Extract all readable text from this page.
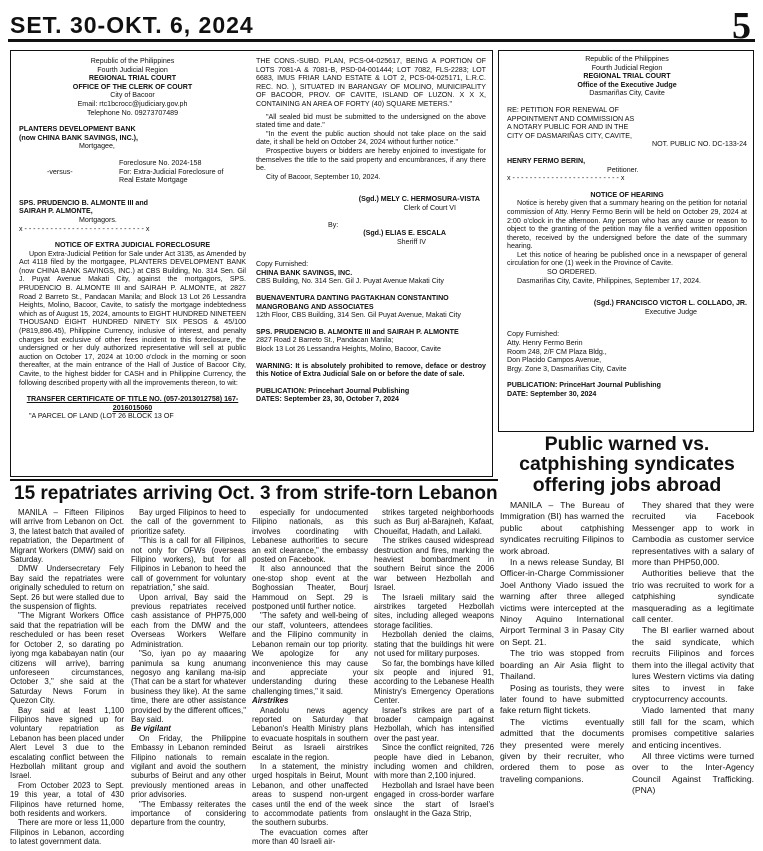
SET. 30-OKT. 6, 2024	5

Republic of the Philippines

Fourth Judicial Region

REGIONAL TRIAL COURT

OFFICE OF THE CLERK OF COURT

City of Bacoor

Email: rtc1bcrocc@judiciary.gov.ph

Telephone No. 09273707489

PLANTERS DEVELOPMENT BANK

(now CHINA BANK SAVINGS, INC.),

Mortgagee,

Foreclosure No. 2024-158

-versus-	For: Extra-Judicial Foreclosure of

Real Estate Mortgage

SPS. PRUDENCIO B. ALMONTE III and

SAIRAH P. ALMONTE,

Mortgagors.

x - - - - - - - - - - - - - - - - - - - - - - - - - - - - x

NOTICE OF EXTRA JUDICIAL FORECLOSURE

Upon Extra-Judicial Petition for Sale under Act 3135, as Amended by Act 4118 filed by the mortgagee, PLANTERS DEVELOPMENT BANK (now CHINA BANK SAVINGS, INC.) at CBS Building, No. 314 Sen. Gil J. Puyat Avenue Makati City, against the mortgagors, SPS. PRUDENCIO B. ALMONTE III and SAIRAH P. ALMONTE, at 2827 Road 2 Barreto St., Pandacan Manila; and Block 13 Lot 26 Lessandra Heights, Molino, Bacoor, Cavite, to satisfy the mortgage indebtedness which as of August 15, 2024, amounts to EIGHT HUNDRED NINETEEN THOUSAND EIGHT HUNDRED NINETY SIX PESOS & 45/100 (P819,896.45), Philippine Currency, inclusive of interest, and penalty charges but exclusive of other fees incident to this foreclosure, the undersigned or her duly authorized representative will sell at public auction on October 17, 2024 at 10:00 o'clock in the morning or soon thereafter, at the main entrance of the Hall of Justice of Bacoor City, Cavite, to the highest bidder for CASH and in Philippine Currency, the following described property with all the improvements thereon, to wit:

TRANSFER CERTIFICATE OF TITLE NO. (057-2013012758) 167-2016015060

"A PARCEL OF LAND (LOT 26 BLOCK 13 OF

THE CONS.-SUBD. PLAN, PCS-04-025617, BEING A PORTION OF LOTS 7081-A & 7081-B, PSD-04-001444; LOT 7082, FLS-2283; LOT 6683, IMUS FRIAR LAND ESTATE & LOT 2, PCS-04-025171, L.R.C. REC. NO. ), SITUATED IN BARANGAY OF MOLINO, MUNICIPALITY OF BACOOR, PROV. OF CAVITE, ISLAND OF LUZON. X X X, CONTAINING AN AREA OF FORTY (40) SQUARE METERS."

"All sealed bid must be submitted to the undersigned on the above stated time and date."

"In the event the public auction should not take place on the said date, it shall be held on October 24, 2024 without further notice."

Prospective buyers or bidders are hereby enjoined to investigate for themselves the title to the said property and encumbrances, if any there be.

City of Bacoor, September 10, 2024.

(Sgd.) MELY C. HERMOSURA-VISTA

Clerk of Court VI

By:

(Sgd.) ELIAS E. ESCALA

Sheriff IV

Copy Furnished:

CHINA BANK SAVINGS, INC.

CBS Building, No. 314 Sen. Gil J. Puyat Avenue Makati City

BUENAVENTURA DANTING PAGTAKHAN CONSTANTINO MANGROBANG AND ASSOCIATES

12th Floor, CBS Building, 314 Sen. Gil Puyat Avenue, Makati City

SPS. PRUDENCIO B. ALMONTE III and SAIRAH P. ALMONTE

2827 Road 2 Barreto St., Pandacan Manila;

Block 13 Lot 26 Lessandra Heights, Molino, Bacoor, Cavite

WARNING: It is absolutely prohibited to remove, deface or destroy this Notice of Extra Judicial Sale on or before the date of sale.

PUBLICATION: Princehart Journal Publishing

DATES: September 23, 30, October 7, 2024

Republic of the Philippines

Fourth Judicial Region

REGIONAL TRIAL COURT

Office of the Executive Judge

Dasmariñas City, Cavite

RE: PETITION FOR RENEWAL OF APPOINTMENT AND COMMISSION AS A NOTARY PUBLIC FOR AND IN THE CITY OF DASMARIÑAS CITY, CAVITE,

NOT. PUBLIC NO. DC-133-24

HENRY FERMO BERIN,

Petitioner.

x - - - - - - - - - - - - - - - - - - - - - - - - - x

NOTICE OF HEARING

Notice is hereby given that a summary hearing on the petition for notarial commission of Atty. Henry Fermo Berin will be held on October 29, 2024 at 2:00 o'clock in the afternoon. Any person who has any cause or reason to object to the granting of the petition may file a verified written opposition thereto, received by the undersigned before the date of the summary hearing.

Let this notice of hearing be published once in a newspaper of general circulation for one (1) week in the Province of Cavite.

SO ORDERED.

Dasmariñas City, Cavite, Philippines, September 17, 2024.

(Sgd.) FRANCISCO VICTOR L. COLLADO, JR.

Executive Judge

Copy Furnished:

Atty. Henry Fermo Berin

Room 248, 2/F CM Plaza Bldg.,

Don Placido Campos Avenue,

Brgy. Zone 3, Dasmariñas City, Cavite

PUBLICATION: PrinceHart Journal Publishing

DATE: September 30, 2024

Public warned vs. catphishing syndicates offering jobs abroad
15 repatriates arriving Oct. 3 from strife-torn Lebanon

MANILA – Fifteen Filipinos will arrive from Lebanon on Oct. 3, the latest batch that availed of repatriation, the Department of Migrant Workers (DMW) said on Saturday.

DMW Undersecretary Fely Bay said the repatriates were originally scheduled to return on Sept. 26 but were stalled due to the suspension of flights.

"The Migrant Workers Office said that the repatriation will be rescheduled or has been reset for October 2, so darating po iyong mga kababayan natin (our citizens will arrive), barring unforeseen circumstances, October 3," she said at the Saturday News Forum in Quezon City.

Bay said at least 1,100 Filipinos have signed up for voluntary repatriation as Lebanon has been placed under Alert Level 3 due to the escalating conflict between the Hezbollah militant group and Israel.

From October 2023 to Sept. 19 this year, a total of 430 Filipinos have returned home, both residents and workers.

There are more or less 11,000 Filipinos in Lebanon, according to latest government data.

Bay urged Filipinos to heed to the call of the government to prioritize safety.

"This is a call for all Filipinos, not only for OFWs (overseas Filipino workers), but for all Filipinos in Lebanon to heed the call of government for voluntary repatriation," she said.

Upon arrival, Bay said the previous repatriates received cash assistance of PHP75,000 each from the DMW and the Overseas Workers Welfare Administration.

"So, iyan po ay maaaring panimula sa kung anumang negosyo ang kanilang ma-isip (That can be a start for whatever business they like). At the same time, there are other assistance provided by the different offices," Bay said.

Be vigilant

On Friday, the Philippine Embassy in Lebanon reminded Filipino nationals to remain vigilant and avoid the southern suburbs of Beirut and any other previously mentioned areas in prior advisories.

"The Embassy reiterates the importance of considering departure from the country,

especially for undocumented Filipino nationals, as this involves coordinating with Lebanese authorities to secure an exit clearance," the embassy posted on Facebook.

It also announced that the one-stop shop event at the Boghossian Theater, Bourj Hammoud on Sept. 29 is postponed until further notice.

"The safety and well-being of our staff, volunteers, attendees and the Filipino community in Lebanon remain our top priority. We apologize for any inconvenience this may cause and appreciate your understanding during these challenging times," it said.

Airstrikes

Anadolu news agency reported on Saturday that Lebanon's Health Ministry plans to evacuate hospitals in southern Beirut as Israeli airstrikes escalate in the region.

In a statement, the ministry urged hospitals in Beirut, Mount Lebanon, and other unaffected areas to suspend non-urgent cases until the end of the week to accommodate patients from the southern suburbs.

The evacuation comes after more than 40 Israeli air-

strikes targeted neighborhoods such as Burj al-Barajneh, Kafaat, Choueifat, Hadath, and Lailaki.

The strikes caused widespread destruction and fires, marking the heaviest bombardment in southern Beirut since the 2006 war between Hezbollah and Israel.

The Israeli military said the airstrikes targeted Hezbollah sites, including alleged weapons storage facilities.

Hezbollah denied the claims, stating that the buildings hit were not used for military purposes.

So far, the bombings have killed six people and injured 91, according to the Lebanese Health Ministry's Emergency Operations Center.

Israel's strikes are part of a broader campaign against Hezbollah, which has intensified over the past year.

Since the conflict reignited, 726 people have died in Lebanon, including women and children, with more than 2,100 injured.

Hezbollah and Israel have been engaged in cross-border warfare since the start of Israel's onslaught in the Gaza Strip,

MANILA – The Bureau of Immigration (BI) has warned the public about catphishing syndicates recruiting Filipinos to work abroad.

In a news release Sunday, BI Officer-in-Charge Commissioner Joel Anthony Viado issued the warning after three alleged victims were intercepted at the Ninoy Aquino International Airport Terminal 3 in Pasay City on Sept. 21.

The trio was stopped from boarding an Air Asia flight to Thailand.

Posing as tourists, they were later found to have submitted fake return flight tickets.

The victims eventually admitted that the documents they presented were merely given by their recruiter, who ordered them to pose as traveling companions.

They shared that they were recruited via Facebook Messenger app to work in Cambodia as customer service representatives with a salary of more than PHP50,000.

Authorities believe that the trio was recruited to work for a catphishing syndicate masquerading as a legitimate call center.

The BI earlier warned about the said syndicate, which recruits Filipinos and forces them into the illegal activity that lures Western victims via dating sites to invest in fake cryptocurrency accounts.

Viado lamented that many still fall for the scam, which promises competitive salaries and enticing incentives.

All three victims were turned over to the Inter-Agency Council Against Trafficking. (PNA)
